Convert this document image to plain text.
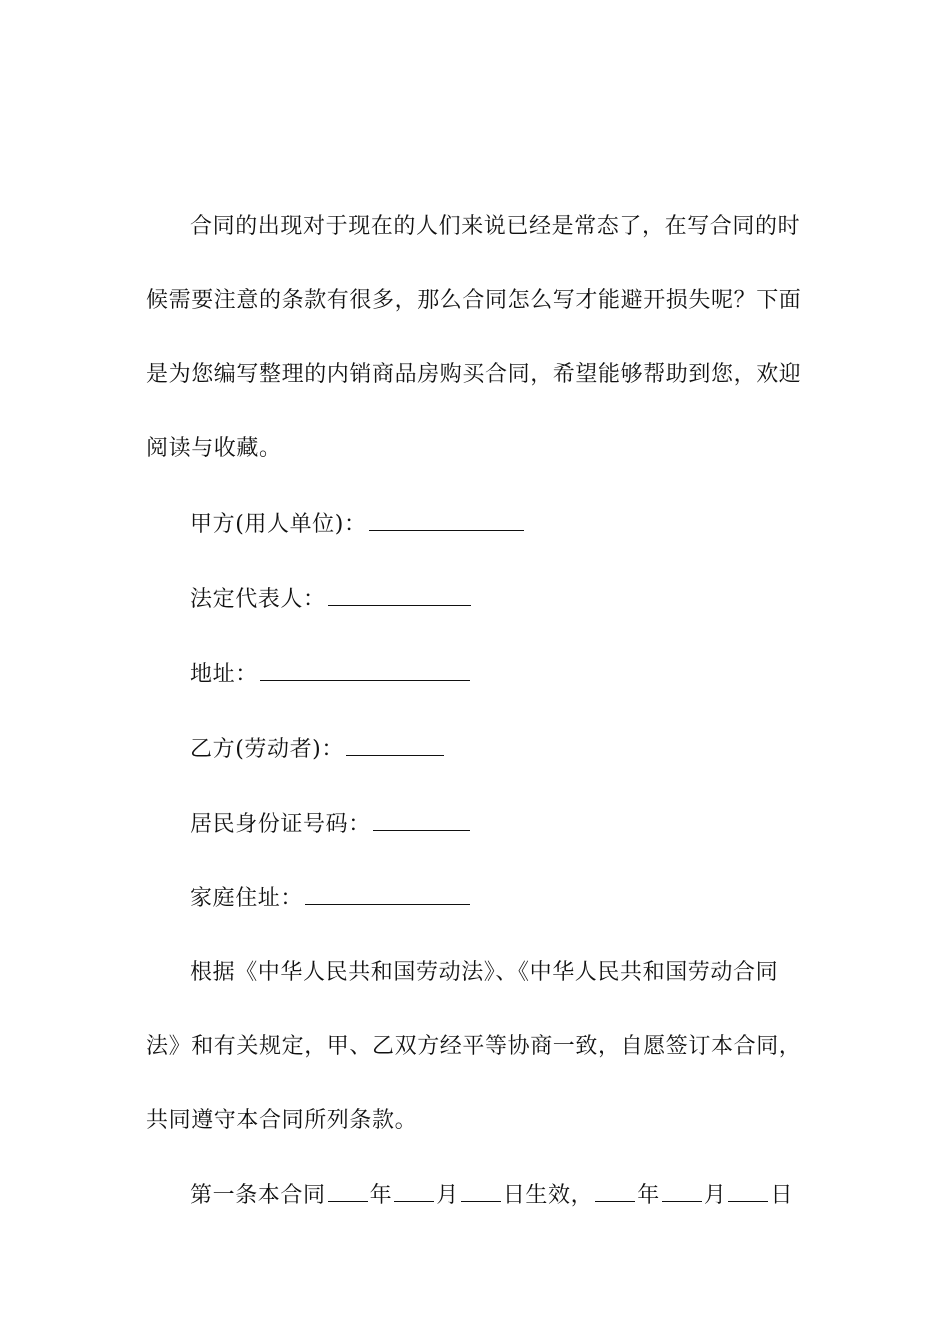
合同的出现对于现在的人们来说已经是常态了，在写合同的时
候需要注意的条款有很多，那么合同怎么写才能避开损失呢？下面
是为您编写整理的内销商品房购买合同，希望能够帮助到您，欢迎
阅读与收藏。
甲方(用人单位)：
法定代表人：
地址：
乙方(劳动者)：
居民身份证号码：
家庭住址：
根据《中华人民共和国劳动法》、《中华人民共和国劳动合同
法》和有关规定，甲、乙双方经平等协商一致，自愿签订本合同，
共同遵守本合同所列条款。
第一条本合同 年 月 日生效， 年 月 日
